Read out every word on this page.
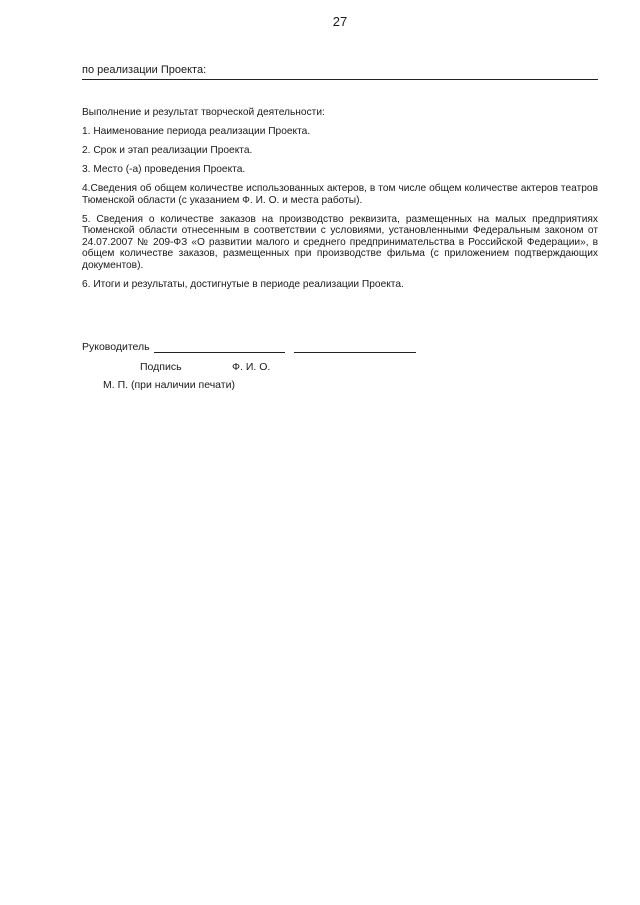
27
по реализации Проекта:

Выполнение и результат творческой деятельности:

1. Наименование периода реализации Проекта.

2. Срок и этап реализации Проекта.

3. Место (-а) проведения Проекта.

4.Сведения об общем количестве использованных актеров, в том числе общем количестве актеров театров Тюменской области (с указанием Ф. И. О. и места работы).

5. Сведения о количестве заказов на производство реквизита, размещенных на малых предприятиях Тюменской области отнесенным в соответствии с условиями, установленными Федеральным законом от 24.07.2007 № 209-ФЗ «О развитии малого и среднего предпринимательства в Российской Федерации», в общем количестве заказов, размещенных при производстве фильма (с приложением подтверждающих документов).

6. Итоги и результаты, достигнутые в периоде реализации Проекта.

Руководитель
Подпись	Ф. И. О.
М. П. (при наличии печати)
